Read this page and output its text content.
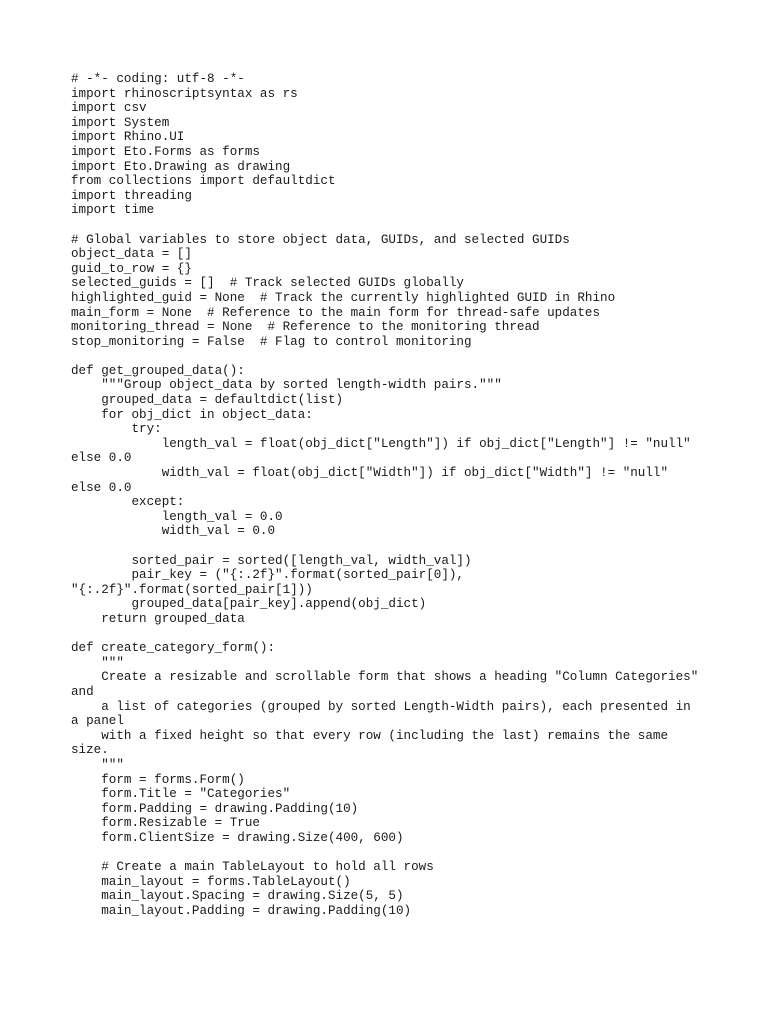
# -*- coding: utf-8 -*-
import rhinoscriptsyntax as rs
import csv
import System
import Rhino.UI
import Eto.Forms as forms
import Eto.Drawing as drawing
from collections import defaultdict
import threading
import time
# Global variables to store object data, GUIDs, and selected GUIDs
object_data = []
guid_to_row = {}
selected_guids = []  # Track selected GUIDs globally
highlighted_guid = None  # Track the currently highlighted GUID in Rhino
main_form = None  # Reference to the main form for thread-safe updates
monitoring_thread = None  # Reference to the monitoring thread
stop_monitoring = False  # Flag to control monitoring
def get_grouped_data():
"""Group object_data by sorted length-width pairs."""
grouped_data = defaultdict(list)
for obj_dict in object_data:
try:
length_val = float(obj_dict["Length"]) if obj_dict["Length"] != "null"
else 0.0
width_val = float(obj_dict["Width"]) if obj_dict["Width"] != "null"
else 0.0
except:
length_val = 0.0
width_val = 0.0
sorted_pair = sorted([length_val, width_val])
pair_key = ("{:.2f}".format(sorted_pair[0]),
"{:.2f}".format(sorted_pair[1]))
grouped_data[pair_key].append(obj_dict)
return grouped_data
def create_category_form():
"""
Create a resizable and scrollable form that shows a heading "Column Categories"
and
a list of categories (grouped by sorted Length-Width pairs), each presented in
a panel
with a fixed height so that every row (including the last) remains the same
size.
"""
form = forms.Form()
form.Title = "Categories"
form.Padding = drawing.Padding(10)
form.Resizable = True
form.ClientSize = drawing.Size(400, 600)
# Create a main TableLayout to hold all rows
main_layout = forms.TableLayout()
main_layout.Spacing = drawing.Size(5, 5)
main_layout.Padding = drawing.Padding(10)
